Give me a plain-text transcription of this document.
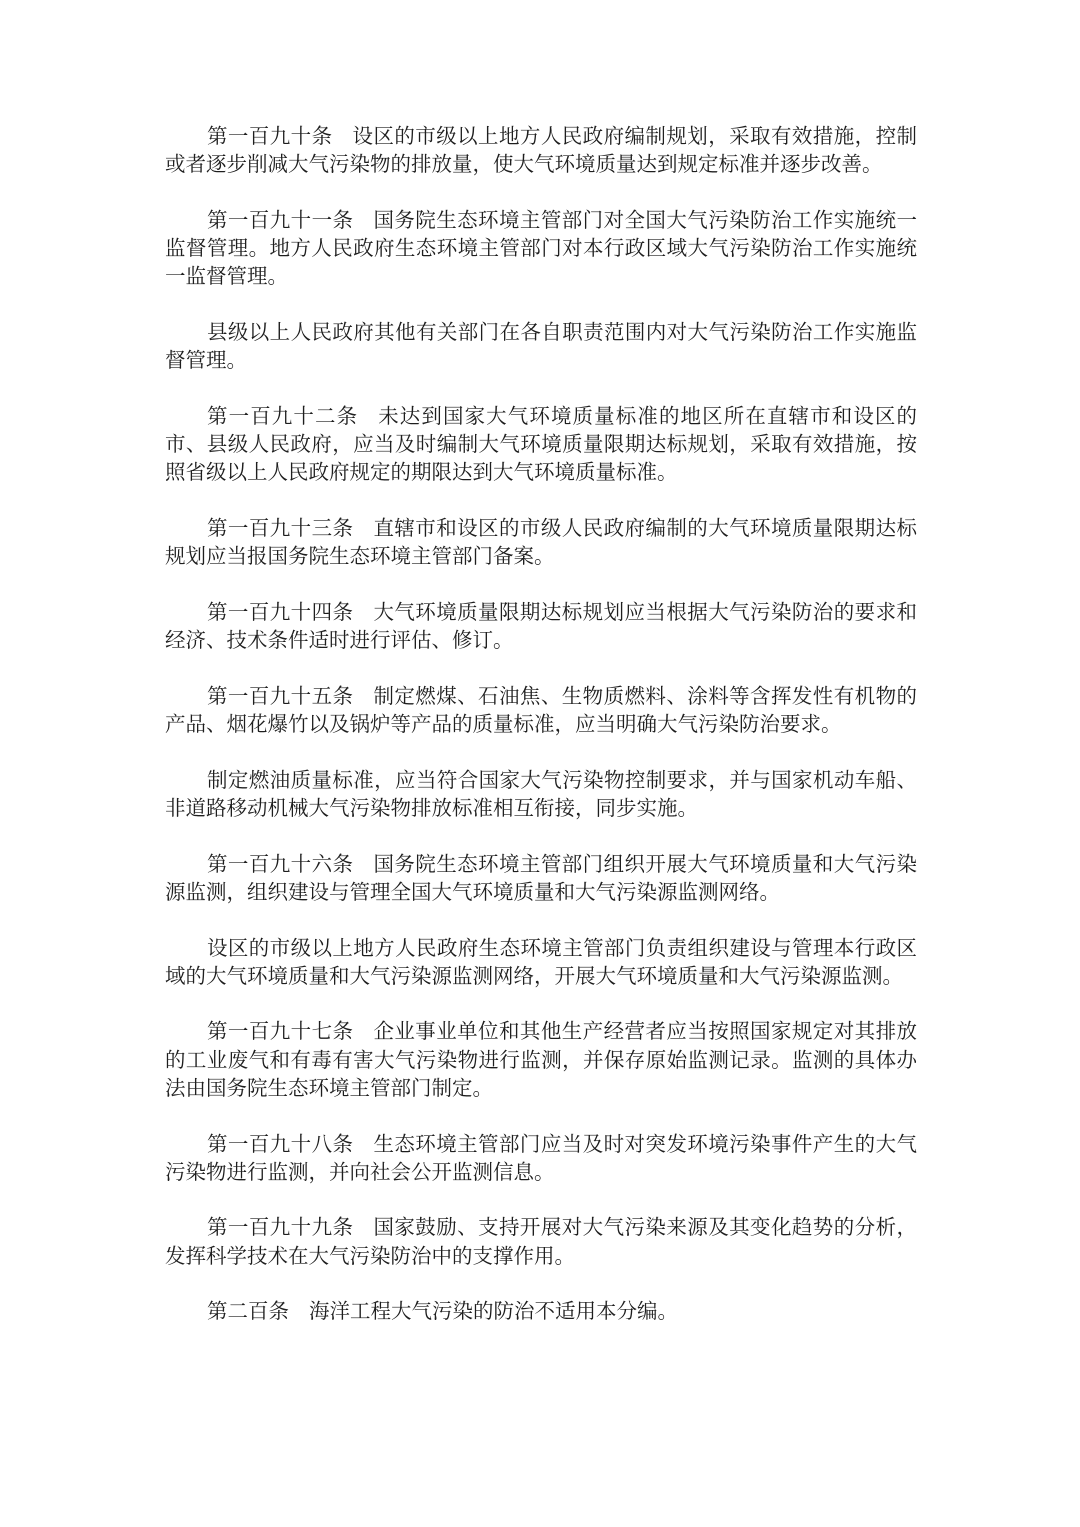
第一百九十条 设区的市级以上地方人民政府编制规划，采取有效措施，控制或者逐步削减大气污染物的排放量，使大气环境质量达到规定标准并逐步改善。

第一百九十一条 国务院生态环境主管部门对全国大气污染防治工作实施统一监督管理。地方人民政府生态环境主管部门对本行政区域大气污染防治工作实施统一监督管理。

县级以上人民政府其他有关部门在各自职责范围内对大气污染防治工作实施监督管理。

第一百九十二条 未达到国家大气环境质量标准的地区所在直辖市和设区的市、县级人民政府，应当及时编制大气环境质量限期达标规划，采取有效措施，按照省级以上人民政府规定的期限达到大气环境质量标准。

第一百九十三条 直辖市和设区的市级人民政府编制的大气环境质量限期达标规划应当报国务院生态环境主管部门备案。

第一百九十四条 大气环境质量限期达标规划应当根据大气污染防治的要求和经济、技术条件适时进行评估、修订。

第一百九十五条 制定燃煤、石油焦、生物质燃料、涂料等含挥发性有机物的产品、烟花爆竹以及锅炉等产品的质量标准，应当明确大气污染防治要求。

制定燃油质量标准，应当符合国家大气污染物控制要求，并与国家机动车船、非道路移动机械大气污染物排放标准相互衔接，同步实施。

第一百九十六条 国务院生态环境主管部门组织开展大气环境质量和大气污染源监测，组织建设与管理全国大气环境质量和大气污染源监测网络。

设区的市级以上地方人民政府生态环境主管部门负责组织建设与管理本行政区域的大气环境质量和大气污染源监测网络，开展大气环境质量和大气污染源监测。

第一百九十七条 企业事业单位和其他生产经营者应当按照国家规定对其排放的工业废气和有毒有害大气污染物进行监测，并保存原始监测记录。监测的具体办法由国务院生态环境主管部门制定。

第一百九十八条 生态环境主管部门应当及时对突发环境污染事件产生的大气污染物进行监测，并向社会公开监测信息。

第一百九十九条 国家鼓励、支持开展对大气污染来源及其变化趋势的分析，发挥科学技术在大气污染防治中的支撑作用。

第二百条 海洋工程大气污染的防治不适用本分编。
